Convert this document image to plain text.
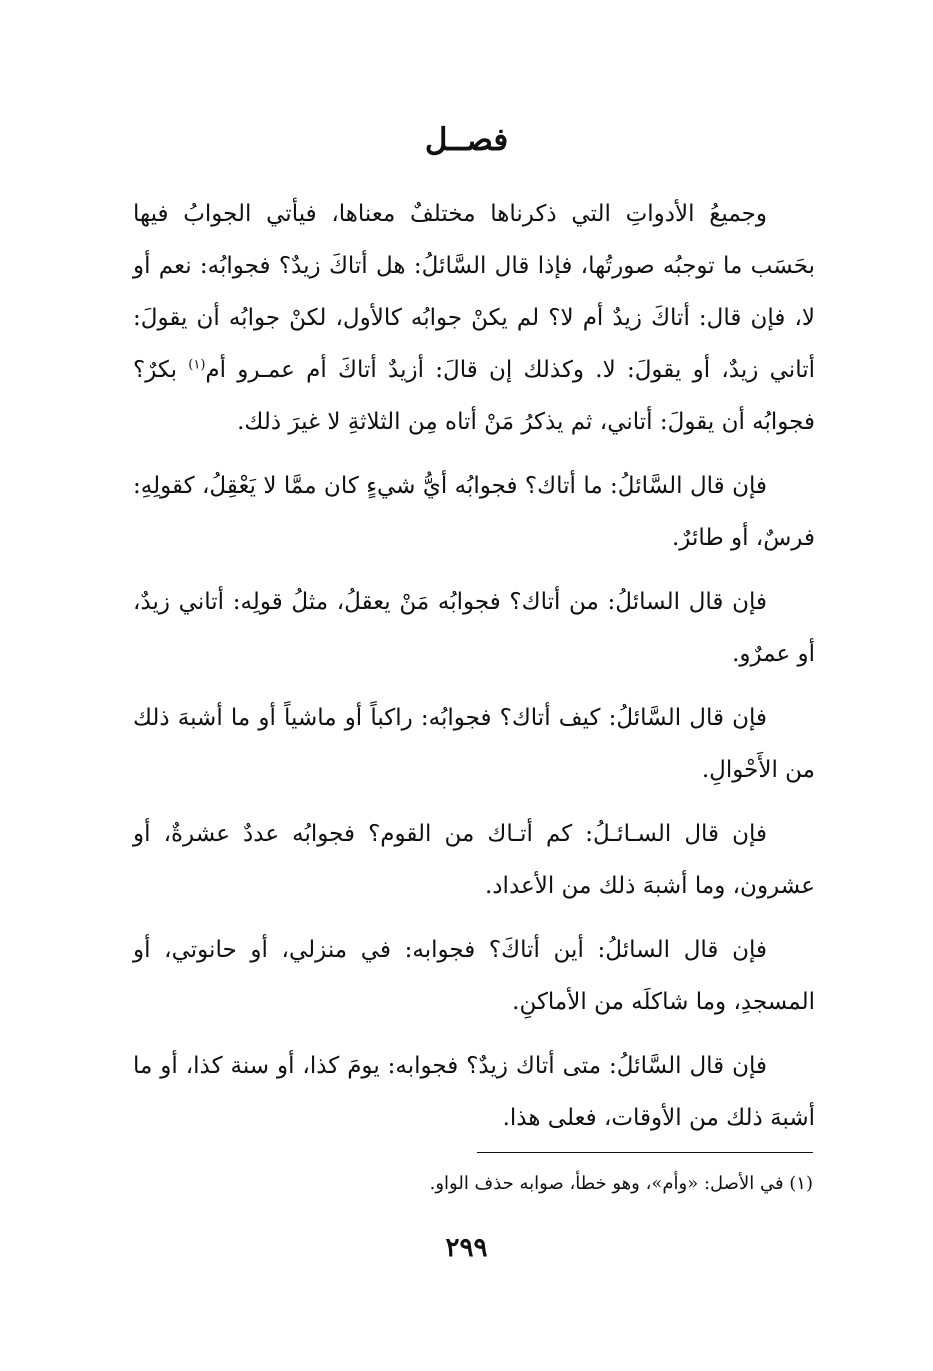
فصــل

وجميعُ الأدواتِ التي ذكرناها مختلفٌ معناها، فيأتي الجوابُ فيها بحَسَب ما توجبُه صورتُها، فإذا قال السَّائلُ: هل أتاكَ زيدٌ؟ فجوابُه: نعم أو لا، فإن قال: أتاكَ زيدٌ أم لا؟ لم يكنْ جوابُه كالأول، لكنْ جوابُه أن يقولَ: أتاني زيدٌ، أو يقولَ: لا. وكذلك إن قالَ: أزيدٌ أتاكَ أم عمـرو أم$^{(١)}$ بكرٌ؟ فجوابُه أن يقولَ: أتاني، ثم يذكرُ مَنْ أتاه مِن الثلاثةِ لا غيرَ ذلك.

فإن قال السَّائلُ: ما أتاك؟ فجوابُه أيُّ شيءٍ كان ممَّا لا يَعْقِلُ، كقولِهِ: فرسٌ، أو طائرٌ.

فإن قال السائلُ: من أتاك؟ فجوابُه مَنْ يعقلُ، مثلُ قولِه: أتاني زيدٌ، أو عمرٌو.

فإن قال السَّائلُ: كيف أتاك؟ فجوابُه: راكباً أو ماشياً أو ما أشبهَ ذلك من الأَحْوالِ.

فإن قال السـائـلُ: كم أتـاك من القوم؟ فجوابُه عددٌ عشرةٌ، أو عشرون، وما أشبهَ ذلك من الأعداد.

فإن قال السائلُ: أين أتاكَ؟ فجوابه: في منزلي، أو حانوتي، أو المسجدِ، وما شاكلَه من الأماكنِ.

فإن قال السَّائلُ: متى أتاك زيدٌ؟ فجوابه: يومَ كذا، أو سنة كذا، أو ما أشبهَ ذلك من الأوقات، فعلى هذا.

(١) في الأصل: «وأم»، وهو خطأ، صوابه حذف الواو.
٢٩٩
